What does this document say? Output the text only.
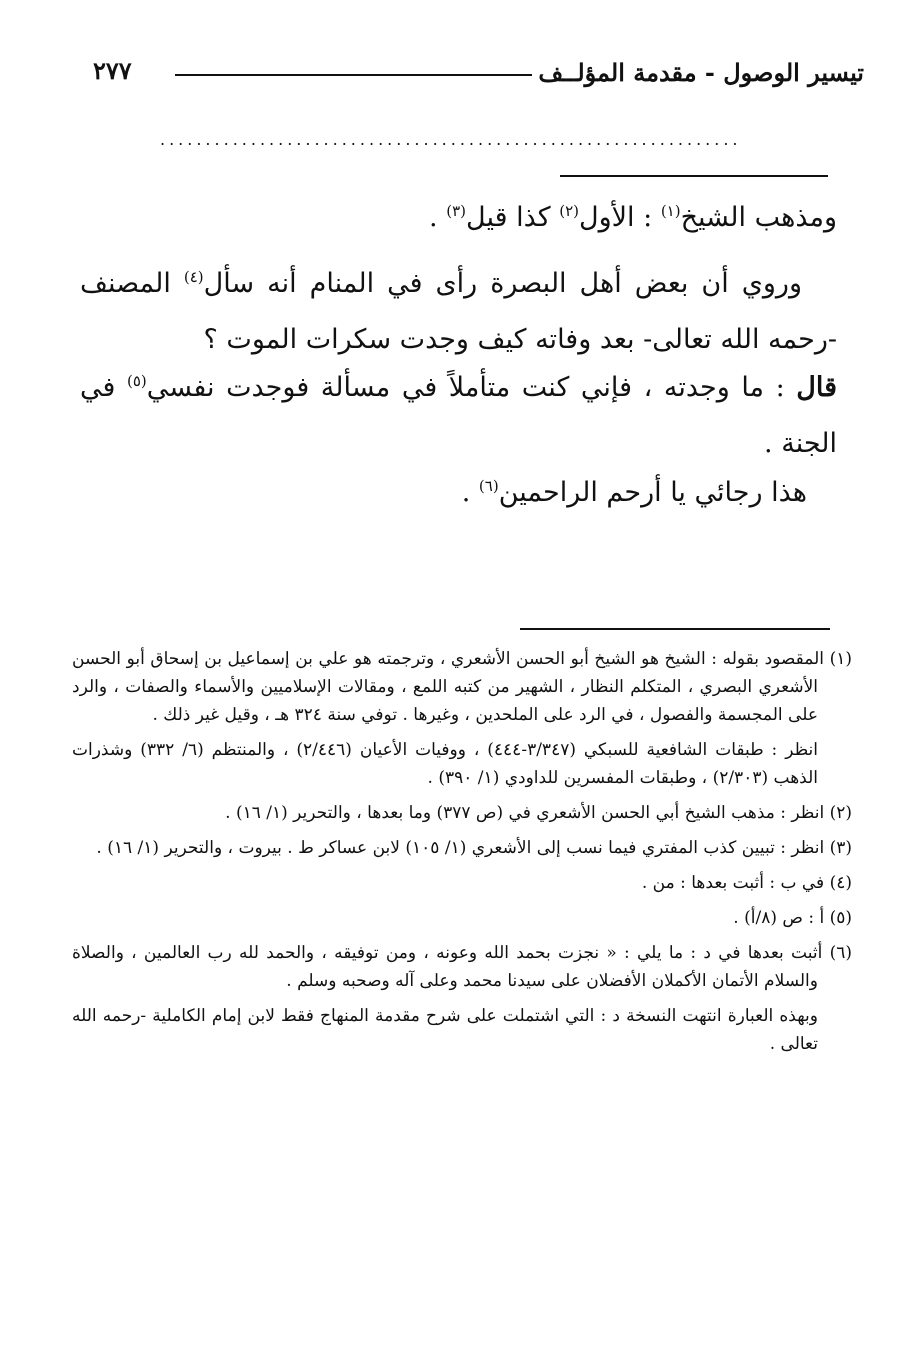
تيسير الوصول - مقدمة المؤلــف
٢٧٧
................................................................
ومذهب الشيخ$^{(١)}$ : الأول$^{(٢)}$ كذا قيل$^{(٣)}$ .
وروي أن بعض أهل البصرة رأى في المنام أنه سأل$^{(٤)}$ المصنف -رحمه الله تعالى- بعد وفاته كيف وجدت سكرات الموت ؟
قال : ما وجدته ، فإني كنت متأملاً في مسألة فوجدت نفسي$^{(٥)}$ في الجنة .
هذا رجائي يا أرحم الراحمين$^{(٦)}$ .

(١) المقصود بقوله : الشيخ هو الشيخ أبو الحسن الأشعري ، وترجمته هو علي بن إسماعيل بن إسحاق أبو الحسن الأشعري البصري ، المتكلم النظار ، الشهير من كتبه اللمع ، ومقالات الإسلاميين والأسماء والصفات ، والرد على المجسمة والفصول ، في الرد على الملحدين ، وغيرها . توفي سنة ٣٢٤ هـ ، وقيل غير ذلك .

انظر : طبقات الشافعية للسبكي (٣/٣٤٧-٤٤٤) ، ووفيات الأعيان (٢/٤٤٦) ، والمنتظم (٦/ ٣٣٢) وشذرات الذهب (٢/٣٠٣) ، وطبقات المفسرين للداودي (١/ ٣٩٠) .

(٢) انظر : مذهب الشيخ أبي الحسن الأشعري في (ص ٣٧٧) وما بعدها ، والتحرير (١/ ١٦) .

(٣) انظر : تبيين كذب المفتري فيما نسب إلى الأشعري (١/ ١٠٥) لابن عساكر ط . بيروت ، والتحرير (١/ ١٦) .

(٤) في ب : أثبت بعدها : من .

(٥) أ : ص (٨/أ) .

(٦) أثبت بعدها في د : ما يلي : « نجزت بحمد الله وعونه ، ومن توفيقه ، والحمد لله رب العالمين ، والصلاة والسلام الأتمان الأكملان الأفضلان على سيدنا محمد وعلى آله وصحبه وسلم .

وبهذه العبارة انتهت النسخة د : التي اشتملت على شرح مقدمة المنهاج فقط لابن إمام الكاملية -رحمه الله تعالى .
